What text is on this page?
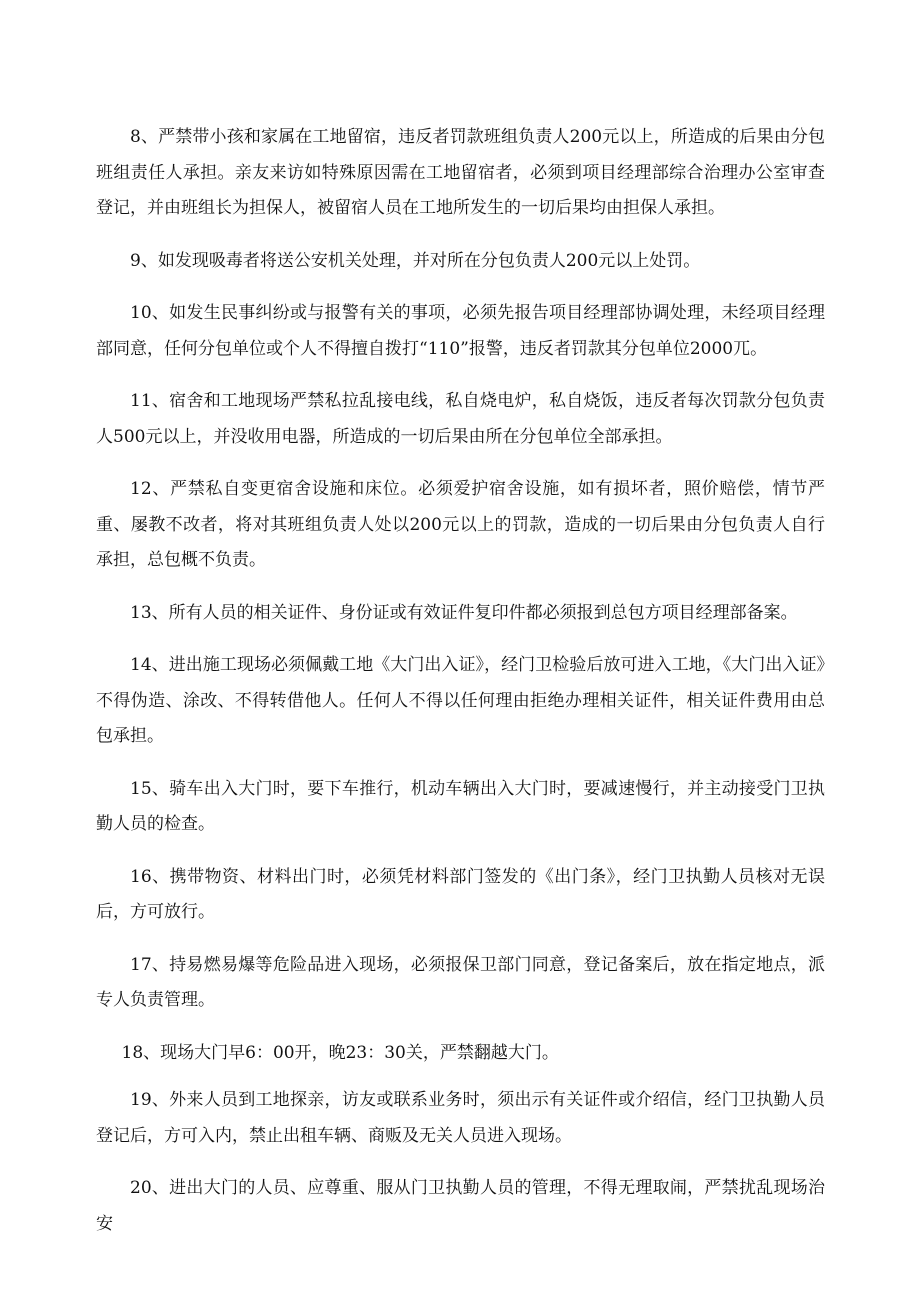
8、严禁带小孩和家属在工地留宿，违反者罚款班组负责人200元以上，所造成的后果由分包班组责任人承担。亲友来访如特殊原因需在工地留宿者，必须到项目经理部综合治理办公室审查登记，并由班组长为担保人，被留宿人员在工地所发生的一切后果均由担保人承担。

9、如发现吸毒者将送公安机关处理，并对所在分包负责人200元以上处罚。

10、如发生民事纠纷或与报警有关的事项，必须先报告项目经理部协调处理，未经项目经理部同意，任何分包单位或个人不得擅自拨打“110”报警，违反者罚款其分包单位2000兀。

11、宿舍和工地现场严禁私拉乱接电线，私自烧电炉，私自烧饭，违反者每次罚款分包负责人500元以上，并没收用电器，所造成的一切后果由所在分包单位全部承担。

12、严禁私自变更宿舍设施和床位。必须爱护宿舍设施，如有损坏者，照价赔偿，情节严重、屡教不改者，将对其班组负责人处以200元以上的罚款，造成的一切后果由分包负责人自行承担，总包概不负责。

13、所有人员的相关证件、身份证或有效证件复印件都必须报到总包方项目经理部备案。

14、进出施工现场必须佩戴工地《大门出入证》，经门卫检验后放可进入工地，《大门出入证》不得伪造、涂改、不得转借他人。任何人不得以任何理由拒绝办理相关证件，相关证件费用由总包承担。

15、骑车出入大门时，要下车推行，机动车辆出入大门时，要减速慢行，并主动接受门卫执勤人员的检查。

16、携带物资、材料出门时，必须凭材料部门签发的《出门条》，经门卫执勤人员核对无误后，方可放行。

17、持易燃易爆等危险品进入现场，必须报保卫部门同意，登记备案后，放在指定地点，派专人负责管理。

18、现场大门早6：00开，晚23：30关，严禁翻越大门。

19、外来人员到工地探亲，访友或联系业务时，须出示有关证件或介绍信，经门卫执勤人员登记后，方可入内，禁止出租车辆、商贩及无关人员进入现场。

20、进出大门的人员、应尊重、服从门卫执勤人员的管理，不得无理取闹，严禁扰乱现场治安
